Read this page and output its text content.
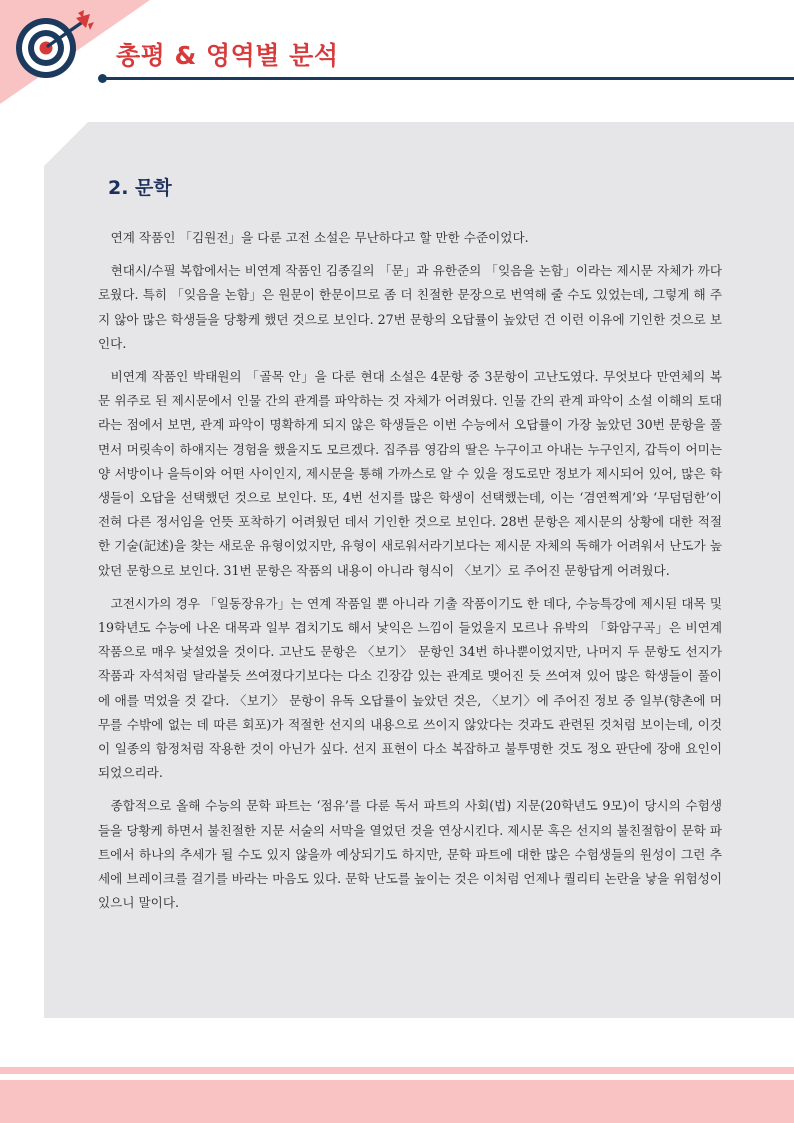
총평 & 영역별 분석
2. 문학

연계 작품인 「김원전」을 다룬 고전 소설은 무난하다고 할 만한 수준이었다.

현대시/수필 복합에서는 비연계 작품인 김종길의 「문」과 유한준의 「잊음을 논함」이라는 제시문 자체가 까다로웠다. 특히 「잊음을 논함」은 원문이 한문이므로 좀 더 친절한 문장으로 번역해 줄 수도 있었는데, 그렇게 해 주지 않아 많은 학생들을 당황케 했던 것으로 보인다. 27번 문항의 오답률이 높았던 건 이런 이유에 기인한 것으로 보인다.

비연계 작품인 박태원의 「골목 안」을 다룬 현대 소설은 4문항 중 3문항이 고난도였다. 무엇보다 만연체의 복문 위주로 된 제시문에서 인물 간의 관계를 파악하는 것 자체가 어려웠다. 인물 간의 관계 파악이 소설 이해의 토대라는 점에서 보면, 관계 파악이 명확하게 되지 않은 학생들은 이번 수능에서 오답률이 가장 높았던 30번 문항을 풀면서 머릿속이 하얘지는 경험을 했을지도 모르겠다. 집주름 영감의 딸은 누구이고 아내는 누구인지, 갑득이 어미는 양 서방이나 을득이와 어떤 사이인지, 제시문을 통해 가까스로 알 수 있을 정도로만 정보가 제시되어 있어, 많은 학생들이 오답을 선택했던 것으로 보인다. 또, 4번 선지를 많은 학생이 선택했는데, 이는 ‘겸연쩍게’와 ‘무덤덤한’이 전혀 다른 정서임을 언뜻 포착하기 어려웠던 데서 기인한 것으로 보인다. 28번 문항은 제시문의 상황에 대한 적절한 기술(記述)을 찾는 새로운 유형이었지만, 유형이 새로워서라기보다는 제시문 자체의 독해가 어려워서 난도가 높았던 문항으로 보인다. 31번 문항은 작품의 내용이 아니라 형식이 〈보기〉로 주어진 문항답게 어려웠다.

고전시가의 경우 「일동장유가」는 연계 작품일 뿐 아니라 기출 작품이기도 한 데다, 수능특강에 제시된 대목 및 19학년도 수능에 나온 대목과 일부 겹치기도 해서 낯익은 느낌이 들었을지 모르나 유박의 「화암구곡」은 비연계 작품으로 매우 낯설었을 것이다. 고난도 문항은 〈보기〉 문항인 34번 하나뿐이었지만, 나머지 두 문항도 선지가 작품과 자석처럼 달라붙듯 쓰여졌다기보다는 다소 긴장감 있는 관계로 맺어진 듯 쓰여져 있어 많은 학생들이 풀이에 애를 먹었을 것 같다. 〈보기〉 문항이 유독 오답률이 높았던 것은, 〈보기〉에 주어진 정보 중 일부(향촌에 머무를 수밖에 없는 데 따른 회포)가 적절한 선지의 내용으로 쓰이지 않았다는 것과도 관련된 것처럼 보이는데, 이것이 일종의 함정처럼 작용한 것이 아닌가 싶다. 선지 표현이 다소 복잡하고 불투명한 것도 정오 판단에 장애 요인이 되었으리라.

종합적으로 올해 수능의 문학 파트는 ‘점유’를 다룬 독서 파트의 사회(법) 지문(20학년도 9모)이 당시의 수험생들을 당황케 하면서 불친절한 지문 서술의 서막을 열었던 것을 연상시킨다. 제시문 혹은 선지의 불친절함이 문학 파트에서 하나의 추세가 될 수도 있지 않을까 예상되기도 하지만, 문학 파트에 대한 많은 수험생들의 원성이 그런 추세에 브레이크를 걸기를 바라는 마음도 있다. 문학 난도를 높이는 것은 이처럼 언제나 퀄리티 논란을 낳을 위험성이 있으니 말이다.
